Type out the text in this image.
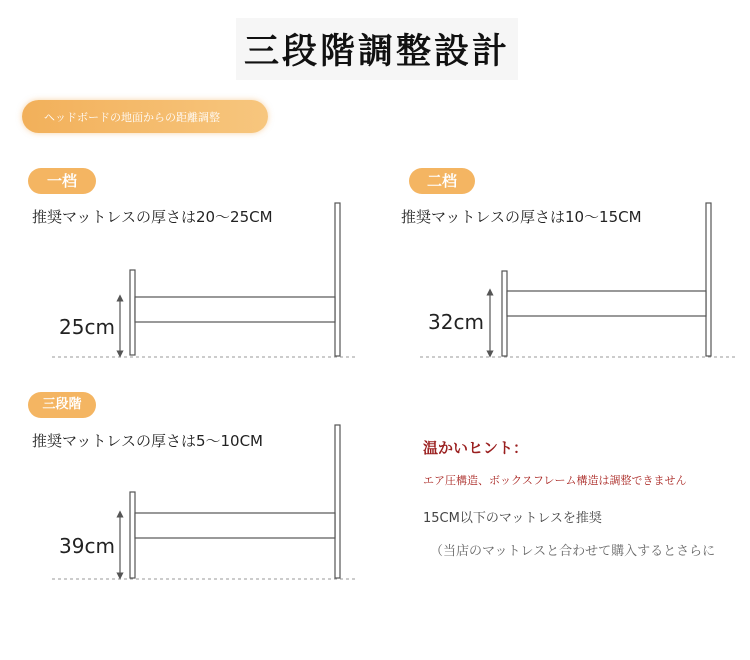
三段階調整設計
ヘッドボードの地面からの距離調整
一档	二档
三段階
推奨マットレスの厚さは20〜25CM	推奨マットレスの厚さは10〜15CM
推奨マットレスの厚さは5〜10CM
25cm	32cm
39cm
温かいヒント：
エア圧構造、ボックスフレーム構造は調整できません
15CM以下のマットレスを推奨
（当店のマットレスと合わせて購入するとさらに
